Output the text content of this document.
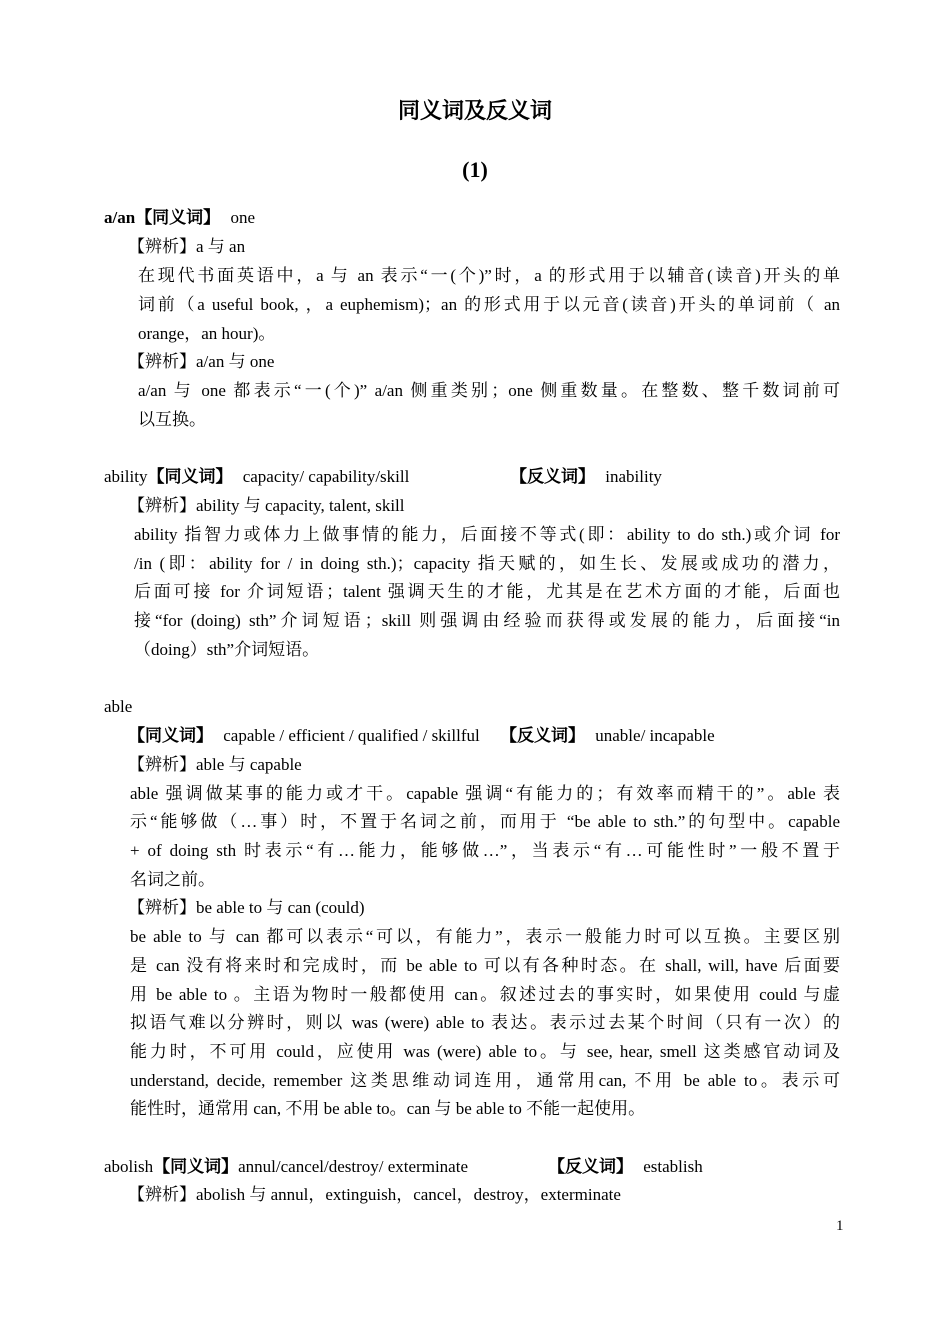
同义词及反义词
(1)
a/an【同义词】 one
【辨析】a 与 an
在现代书面英语中，a 与 an 表示“一(个)”时，a 的形式用于以辅音(读音)开头的单
词前（a useful book, ，a euphemism)；an 的形式用于以元音(读音)开头的单词前（ an
orange，an hour)。
【辨析】a/an 与 one
a/an 与 one 都表示“一(个)” a/an 侧重类别；one 侧重数量。在整数、整千数词前可
以互换。
ability【同义词】 capacity/ capability/skill	【反义词】 inability
【辨析】ability 与 capacity, talent, skill
ability 指智力或体力上做事情的能力，后面接不等式(即：ability to do sth.)或介词 for
/in (即：ability for / in doing sth.)；capacity 指天赋的，如生长、发展或成功的潜力，
后面可接 for 介词短语；talent 强调天生的才能，尤其是在艺术方面的才能，后面也
接“for (doing) sth”介词短语；skill 则强调由经验而获得或发展的能力，后面接“in
（doing）sth”介词短语。
able
【同义词】 capable / efficient / qualified / skillful 【反义词】 unable/ incapable
【辨析】able 与 capable
able 强调做某事的能力或才干。capable 强调“有能力的；有效率而精干的”。able 表
示“能够做（…事）时，不置于名词之前，而用于 “be able to sth.”的句型中。capable
+ of doing sth 时表示“有…能力，能够做…”，当表示“有…可能性时”一般不置于
名词之前。
【辨析】be able to 与 can (could)
be able to 与 can 都可以表示“可以，有能力”，表示一般能力时可以互换。主要区别
是 can 没有将来时和完成时，而 be able to 可以有各种时态。在 shall, will, have 后面要
用 be able to 。主语为物时一般都使用 can。叙述过去的事实时，如果使用 could 与虚
拟语气难以分辨时，则以 was (were) able to 表达。表示过去某个时间（只有一次）的
能力时，不可用 could，应使用 was (were) able to。与 see, hear, smell 这类感官动词及
understand, decide, remember 这类思维动词连用，通常用can, 不用 be able to。表示可
能性时，通常用 can, 不用 be able to。can 与 be able to 不能一起使用。
abolish【同义词】annul/cancel/destroy/ exterminate	【反义词】 establish
【辨析】abolish 与 annul，extinguish，cancel，destroy，exterminate
1
